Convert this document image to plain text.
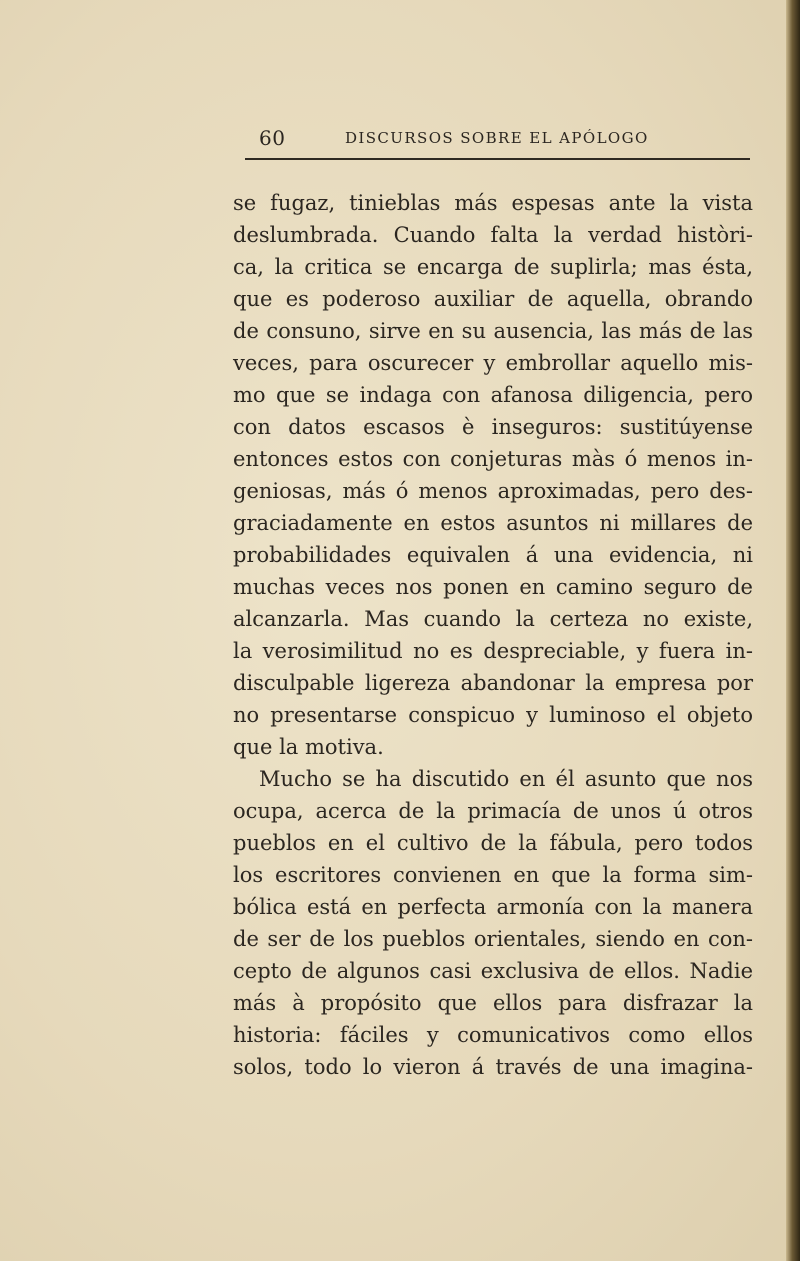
60	DISCURSOS SOBRE EL APÓLOGO
se fugaz, tinieblas más espesas ante la vista
deslumbrada. Cuando falta la verdad històri-
ca, la critica se encarga de suplirla; mas ésta,
que es poderoso auxiliar de aquella, obrando
de consuno, sirve en su ausencia, las más de las
veces, para oscurecer y embrollar aquello mis-
mo que se indaga con afanosa diligencia, pero
con datos escasos è inseguros: sustitúyense
entonces estos con conjeturas màs ó menos in-
geniosas, más ó menos aproximadas, pero des-
graciadamente en estos asuntos ni millares de
probabilidades equivalen á una evidencia, ni
muchas veces nos ponen en camino seguro de
alcanzarla. Mas cuando la certeza no existe,
la verosimilitud no es despreciable, y fuera in-
disculpable ligereza abandonar la empresa por
no presentarse conspicuo y luminoso el objeto
que la motiva.
Mucho se ha discutido en él asunto que nos
ocupa, acerca de la primacía de unos ú otros
pueblos en el cultivo de la fábula, pero todos
los escritores convienen en que la forma sim-
bólica está en perfecta armonía con la manera
de ser de los pueblos orientales, siendo en con-
cepto de algunos casi exclusiva de ellos. Nadie
más à propósito que ellos para disfrazar la
historia: fáciles y comunicativos como ellos
solos, todo lo vieron á través de una imagina-
